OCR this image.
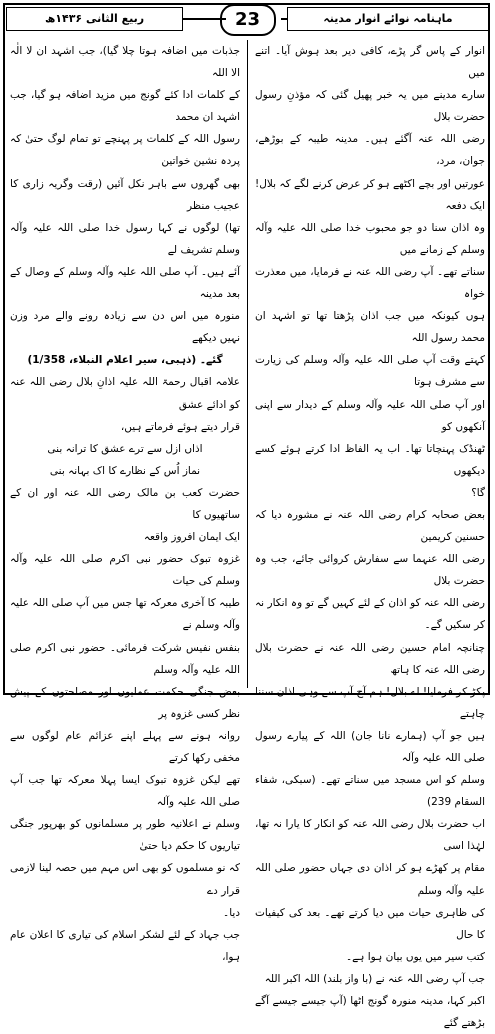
ماہنامہ نوائے انوار مدینہ
23
ربیع الثانی ۱۴۳۶ھ

انوار کے پاس گر پڑے، کافی دیر بعد ہوش آیا۔ اتنے میں

سارے مدینے میں یہ خبر پھیل گئی کہ مؤذنِ رسول حضرت بلال

رضی اللہ عنہ آگئے ہیں۔ مدینہ طیبہ کے بوڑھے، جوان، مرد،

عورتیں اور بچے اکٹھے ہو کر عرض کرنے لگے کہ بلال! ایک دفعہ

وہ اذان سنا دو جو محبوب خدا صلی اللہ علیہ وآلہ وسلم کے زمانے میں

سناتے تھے۔ آپ رضی اللہ عنہ نے فرمایا، میں معذرت خواہ

ہوں کیونکہ میں جب اذان پڑھتا تھا تو اشہد ان محمد رسول اللہ

کہتے وقت آپ صلی اللہ علیہ وآلہ وسلم کی زیارت سے مشرف ہوتا

اور آپ صلی اللہ علیہ وآلہ وسلم کے دیدار سے اپنی آنکھوں کو

ٹھنڈک پہنچاتا تھا۔ اب یہ الفاظ ادا کرتے ہوئے کسے دیکھوں

گا؟

بعض صحابہ کرام رضی اللہ عنہ نے مشورہ دیا کہ حسنین کریمین

رضی اللہ عنہما سے سفارش کروائی جائے، جب وہ حضرت بلال

رضی اللہ عنہ کو اذان کے لئے کہیں گے تو وہ انکار نہ کر سکیں گے۔

چنانچہ امام حسین رضی اللہ عنہ نے حضرت بلال رضی اللہ عنہ کا ہاتھ

پکڑ کر فرمایا! اے بلال! ہم آج آپ سے وہی اذان سننا چاہتے

ہیں جو آپ (ہمارے نانا جان) اللہ کے پیارے رسول صلی اللہ علیہ وآلہ

وسلم کو اس مسجد میں سناتے تھے۔ (سبکی، شفاء السقام 239)

اب حضرت بلال رضی اللہ عنہ کو انکار کا یارا نہ تھا، لہٰذا اسی

مقام پر کھڑے ہو کر اذان دی جہاں حضور صلی اللہ علیہ وآلہ وسلم

کی ظاہری حیات میں دیا کرتے تھے۔ بعد کی کیفیات کا حال

کتب سیر میں یوں بیان ہوا ہے۔

جب آپ رضی اللہ عنہ نے (با واز بلند) اللہ اکبر اللہ

اکبر کہا، مدینہ منورہ گونج اٹھا (آپ جیسے جیسے آگے بڑھتے گئے

جذبات میں اضافہ ہوتا چلا گیا)، جب اشہد ان لا الٰہ الا اللہ

کے کلمات ادا کئے گونج میں مزید اضافہ ہو گیا، جب اشہد ان محمد

رسول اللہ کے کلمات پر پہنچے تو تمام لوگ حتیٰ کہ پردہ نشین خواتین

بھی گھروں سے باہر نکل آئیں (رقت وگریہ زاری کا عجیب منظر

تھا) لوگوں نے کہا رسول خدا صلی اللہ علیہ وآلہ وسلم تشریف لے

آئے ہیں۔ آپ صلی اللہ علیہ وآلہ وسلم کے وصال کے بعد مدینہ

منورہ میں اس دن سے زیادہ رونے والے مرد وزن نہیں دیکھے

گئے۔ (ذہبی، سیر اعلام النبلاء، 1/358)

علامہ اقبال رحمۃ اللہ علیہ اذانِ بلال رضی اللہ عنہ کو ادائے عشق

قرار دیتے ہوئے فرماتے ہیں،

اذاں ازل سے ترے عشق کا ترانہ بنی

نماز اُس کے نظارے کا اک بہانہ بنی

حضرت کعب بن مالک رضی اللہ عنہ اور ان کے ساتھیوں کا

ایک ایمان افروز واقعہ

غزوہ تبوک حضور نبی اکرم صلی اللہ علیہ وآلہ وسلم کی حیات

طیبہ کا آخری معرکہ تھا جس میں آپ صلی اللہ علیہ وآلہ وسلم نے

بنفس نفیس شرکت فرمائی۔ حضور نبی اکرم صلی اللہ علیہ وآلہ وسلم

بعض جنگی حکمت عملیوں اور مصلحتوں کے پیش نظر کسی غزوہ پر

روانہ ہونے سے پہلے اپنے عزائم عام لوگوں سے مخفی رکھا کرتے

تھے لیکن غزوہ تبوک ایسا پہلا معرکہ تھا جب آپ صلی اللہ علیہ وآلہ

وسلم نے اعلانیہ طور پر مسلمانوں کو بھرپور جنگی تیاریوں کا حکم دیا حتیٰ

کہ نو مسلموں کو بھی اس مہم میں حصہ لینا لازمی قرار دے

دیا۔

جب جہاد کے لئے لشکر اسلام کی تیاری کا اعلان عام ہوا،
